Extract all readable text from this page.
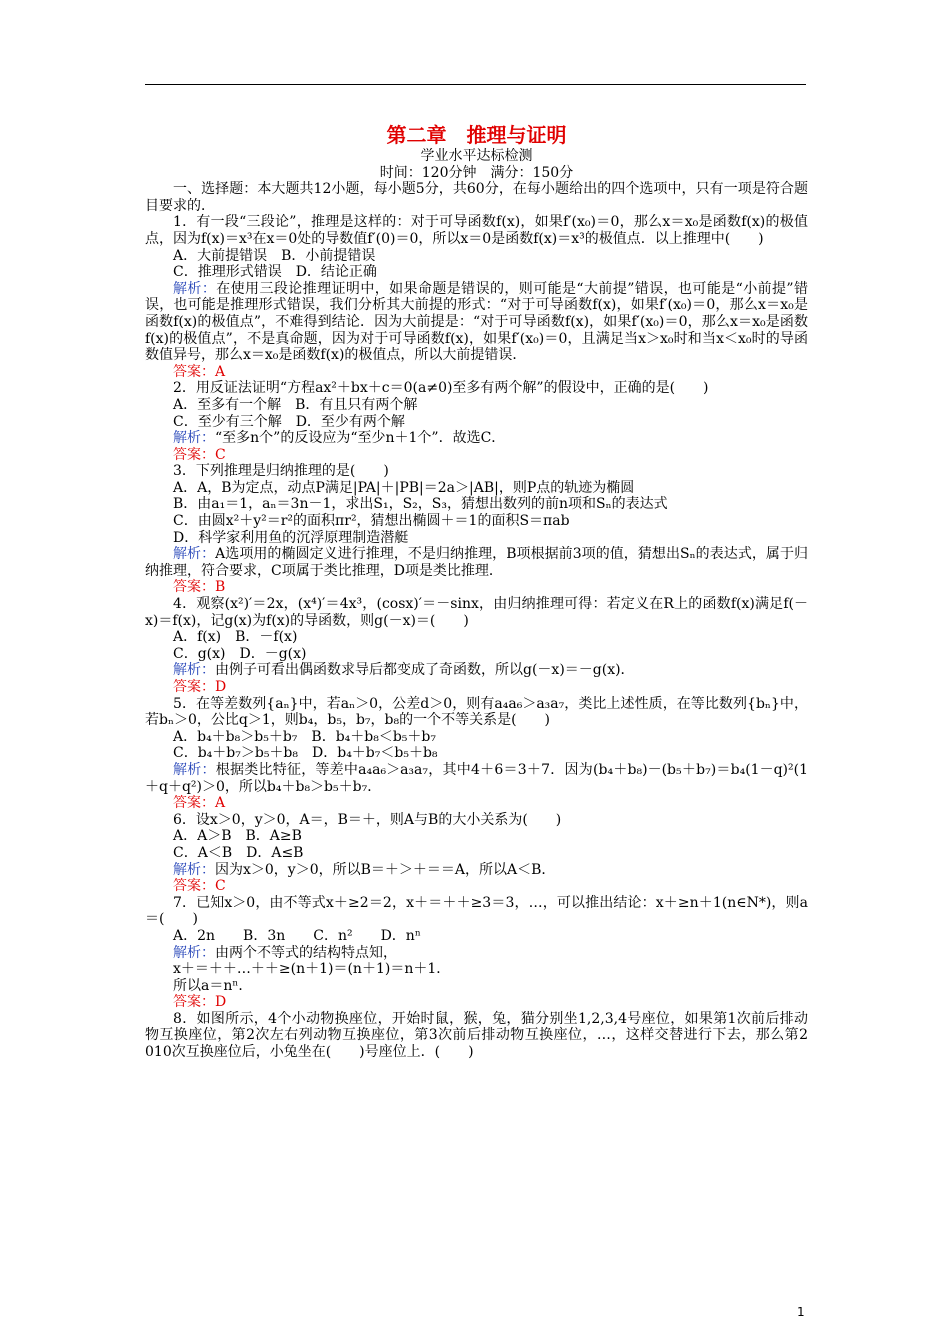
第二章　推理与证明

学业水平达标检测

时间：120分钟　满分：150分

一、选择题：本大题共12小题，每小题5分，共60分，在每小题给出的四个选项中，只有一项是符合题目要求的．

1．有一段“三段论”，推理是这样的：对于可导函数f(x)，如果f′(x₀)＝0，那么x＝x₀是函数f(x)的极值点，因为f(x)＝x³在x＝0处的导数值f′(0)＝0，所以x＝0是函数f(x)＝x³的极值点．以上推理中(　　)

A．大前提错误　B．小前提错误

C．推理形式错误　D．结论正确

解析：在使用三段论推理证明中，如果命题是错误的，则可能是“大前提”错误，也可能是“小前提”错误，也可能是推理形式错误，我们分析其大前提的形式：“对于可导函数f(x)，如果f′(x₀)＝0，那么x＝x₀是函数f(x)的极值点”，不难得到结论．因为大前提是：“对于可导函数f(x)，如果f′(x₀)＝0，那么x＝x₀是函数f(x)的极值点”，不是真命题，因为对于可导函数f(x)，如果f′(x₀)＝0，且满足当x＞x₀时和当x＜x₀时的导函数值异号，那么x＝x₀是函数f(x)的极值点，所以大前提错误．

答案：A

2．用反证法证明“方程ax²＋bx＋c＝0(a≠0)至多有两个解”的假设中，正确的是(　　)

A．至多有一个解　B．有且只有两个解

C．至少有三个解　D．至少有两个解

解析：“至多n个”的反设应为“至少n＋1个”．故选C．

答案：C

3．下列推理是归纳推理的是(　　)

A．A，B为定点，动点P满足|PA|＋|PB|＝2a＞|AB|，则P点的轨迹为椭圆

B．由a₁＝1，aₙ＝3n－1，求出S₁，S₂，S₃，猜想出数列的前n项和Sₙ的表达式

C．由圆x²＋y²＝r²的面积πr²，猜想出椭圆＋＝1的面积S＝πab

D．科学家利用鱼的沉浮原理制造潜艇

解析：A选项用的椭圆定义进行推理，不是归纳推理，B项根据前3项的值，猜想出Sₙ的表达式，属于归纳推理，符合要求，C项属于类比推理，D项是类比推理．

答案：B

4．观察(x²)′＝2x，(x⁴)′＝4x³，(cosx)′＝－sinx，由归纳推理可得：若定义在R上的函数f(x)满足f(－x)＝f(x)，记g(x)为f(x)的导函数，则g(－x)＝(　　)

A．f(x)　B．－f(x)

C．g(x)　D．－g(x)

解析：由例子可看出偶函数求导后都变成了奇函数，所以g(－x)＝－g(x)．

答案：D

5．在等差数列{aₙ}中，若aₙ＞0，公差d＞0，则有a₄a₆＞a₃a₇，类比上述性质，在等比数列{bₙ}中，若bₙ＞0，公比q＞1，则b₄，b₅，b₇，b₈的一个不等关系是(　　)

A．b₄＋b₈＞b₅＋b₇　B．b₄＋b₈＜b₅＋b₇

C．b₄＋b₇＞b₅＋b₈　D．b₄＋b₇＜b₅＋b₈

解析：根据类比特征，等差中a₄a₆＞a₃a₇，其中4＋6＝3＋7．因为(b₄＋b₈)－(b₅＋b₇)＝b₄(1－q)²(1＋q＋q²)＞0，所以b₄＋b₈＞b₅＋b₇．

答案：A

6．设x＞0，y＞0，A＝，B＝＋，则A与B的大小关系为(　　)

A．A＞B　B．A≥B

C．A＜B　D．A≤B

解析：因为x＞0，y＞0，所以B＝＋＞＋＝＝A，所以A＜B．

答案：C

7．已知x＞0，由不等式x＋≥2＝2，x＋＝＋＋≥3＝3，…，可以推出结论：x＋≥n＋1(n∈N*)，则a＝(　　)

A．2n　　B．3n　　C．n²　　D．nⁿ

解析：由两个不等式的结构特点知，

x＋＝＋＋…＋＋≥(n＋1)＝(n＋1)＝n＋1．

所以a＝nⁿ．

答案：D

8．如图所示，4个小动物换座位，开始时鼠，猴，兔，猫分别坐1,2,3,4号座位，如果第1次前后排动物互换座位，第2次左右列动物互换座位，第3次前后排动物互换座位，…，这样交替进行下去，那么第2 010次互换座位后，小兔坐在(　　)号座位上．(　　)

1
